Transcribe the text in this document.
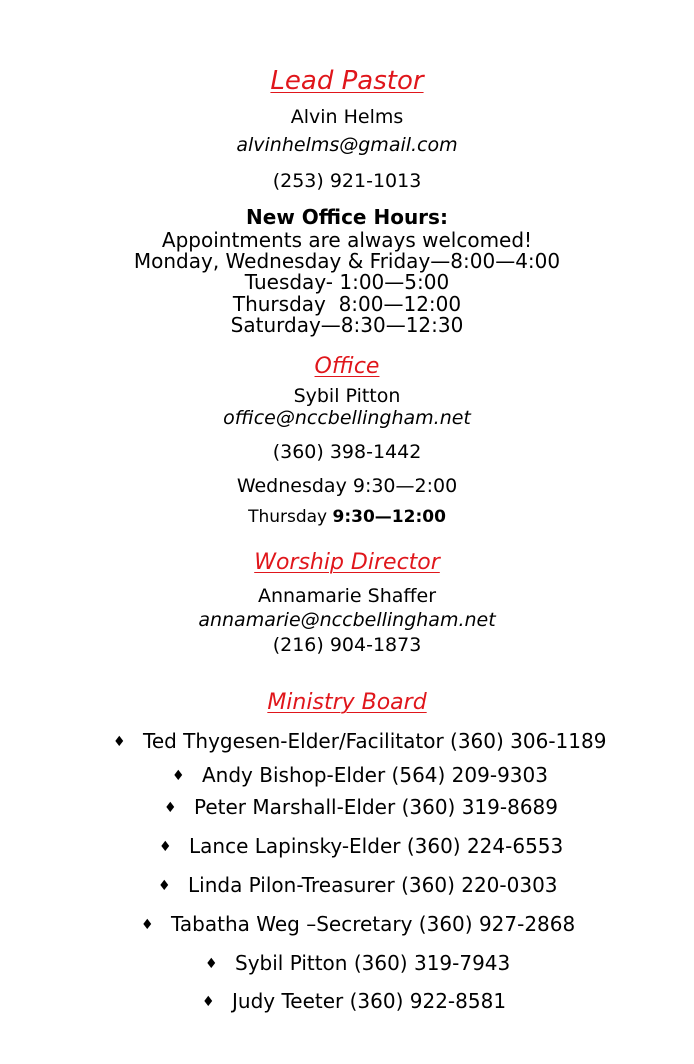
Lead Pastor
Alvin Helms
alvinhelms@gmail.com
(253) 921-1013
New Office Hours:
Appointments are always welcomed!
Monday, Wednesday & Friday—8:00—4:00
Tuesday- 1:00—5:00
Thursday  8:00—12:00
Saturday—8:30—12:30
Office
Sybil Pitton
office@nccbellingham.net
(360) 398-1442
Wednesday 9:30—2:00
Thursday 9:30—12:00
Worship Director
Annamarie Shaffer
annamarie@nccbellingham.net
(216) 904-1873
Ministry Board
♦ Ted Thygesen-Elder/Facilitator (360) 306-1189
♦ Andy Bishop-Elder (564) 209-9303
♦ Peter Marshall-Elder (360) 319-8689
♦ Lance Lapinsky-Elder (360) 224-6553
♦ Linda Pilon-Treasurer (360) 220-0303
♦ Tabatha Weg –Secretary (360) 927-2868
♦ Sybil Pitton (360) 319-7943
♦ Judy Teeter (360) 922-8581
